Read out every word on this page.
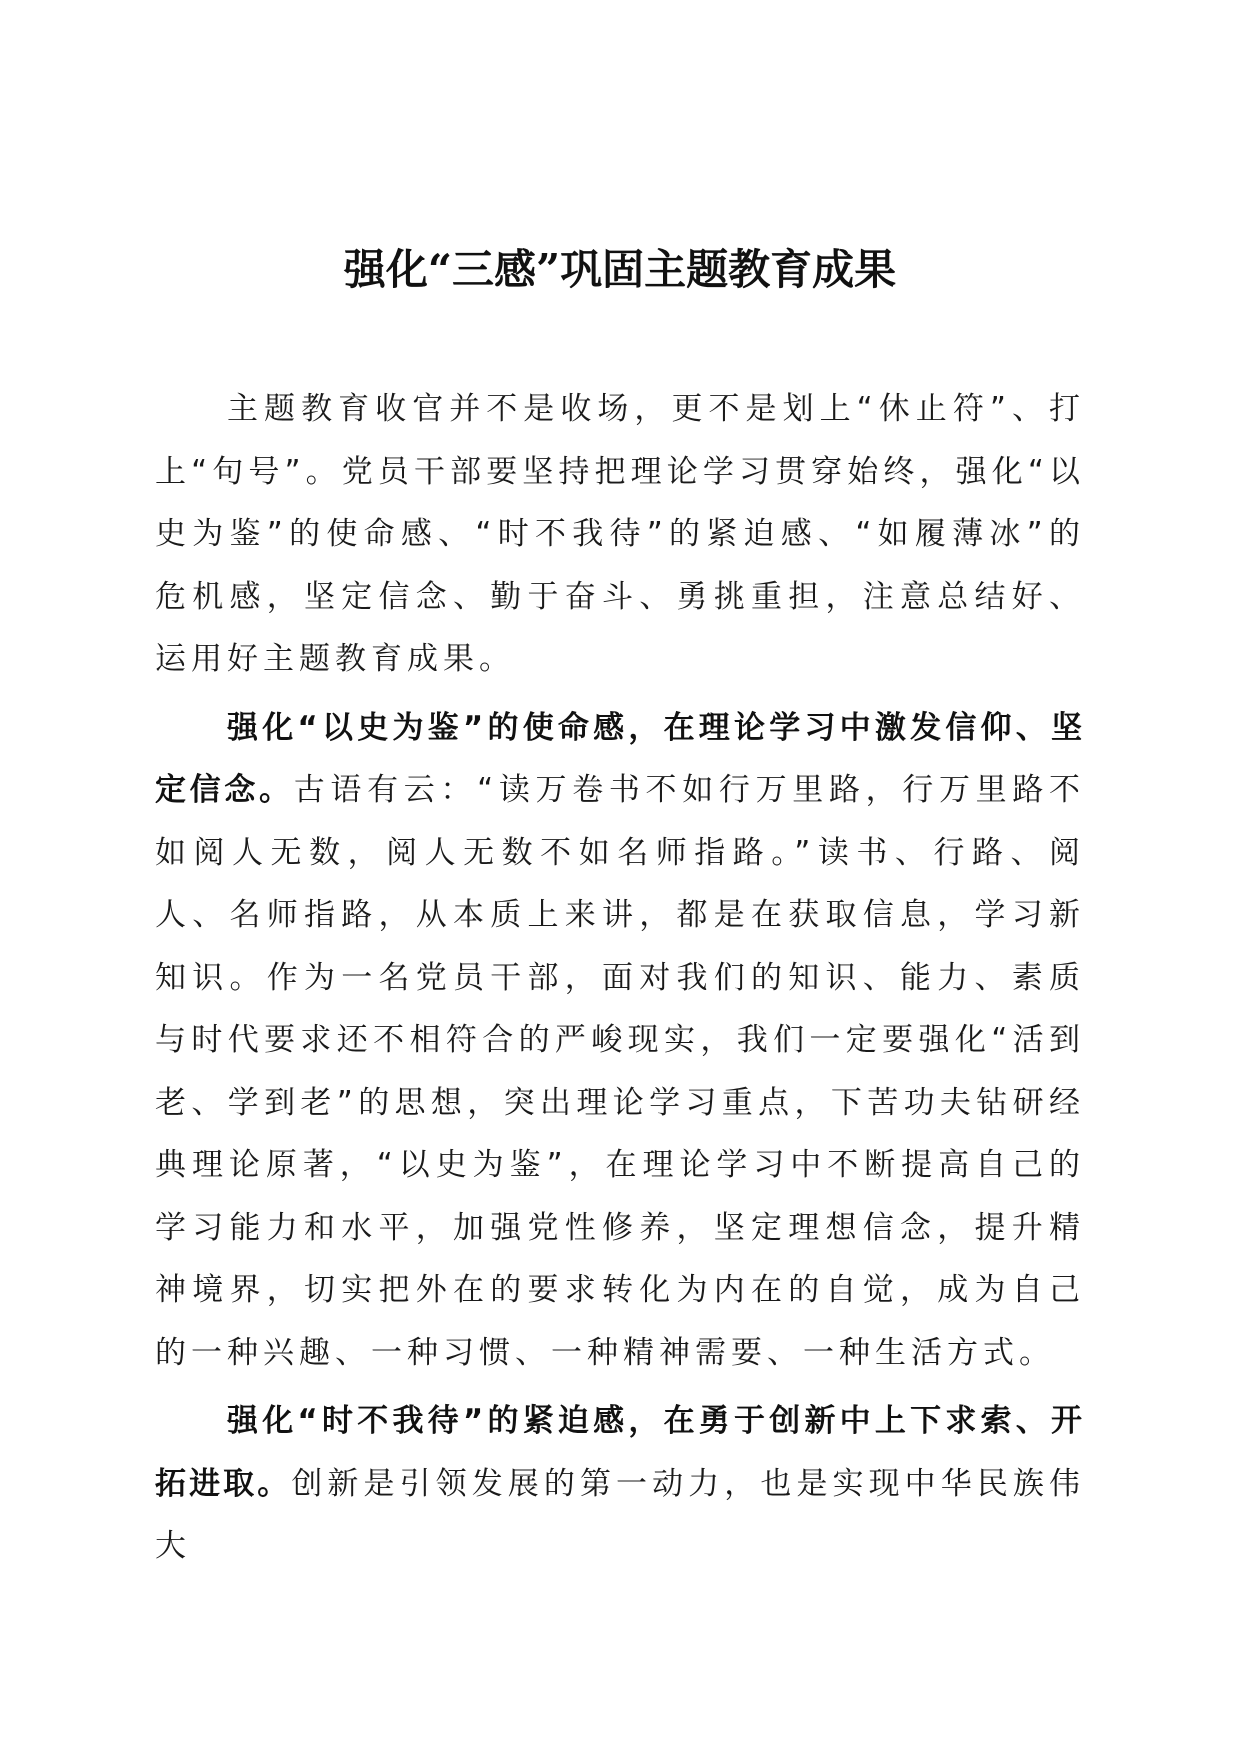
强化“三感”巩固主题教育成果

主题教育收官并不是收场，更不是划上“休止符”、打上“句号”。党员干部要坚持把理论学习贯穿始终，强化“以史为鉴”的使命感、“时不我待”的紧迫感、“如履薄冰”的危机感，坚定信念、勤于奋斗、勇挑重担，注意总结好、运用好主题教育成果。

强化“以史为鉴”的使命感，在理论学习中激发信仰、坚定信念。古语有云：“读万卷书不如行万里路，行万里路不如阅人无数，阅人无数不如名师指路。”读书、行路、阅人、名师指路，从本质上来讲，都是在获取信息，学习新知识。作为一名党员干部，面对我们的知识、能力、素质与时代要求还不相符合的严峻现实，我们一定要强化“活到老、学到老”的思想，突出理论学习重点，下苦功夫钻研经典理论原著，“以史为鉴”，在理论学习中不断提高自己的学习能力和水平，加强党性修养，坚定理想信念，提升精神境界，切实把外在的要求转化为内在的自觉，成为自己的一种兴趣、一种习惯、一种精神需要、一种生活方式。

强化“时不我待”的紧迫感，在勇于创新中上下求索、开拓进取。创新是引领发展的第一动力，也是实现中华民族伟大
